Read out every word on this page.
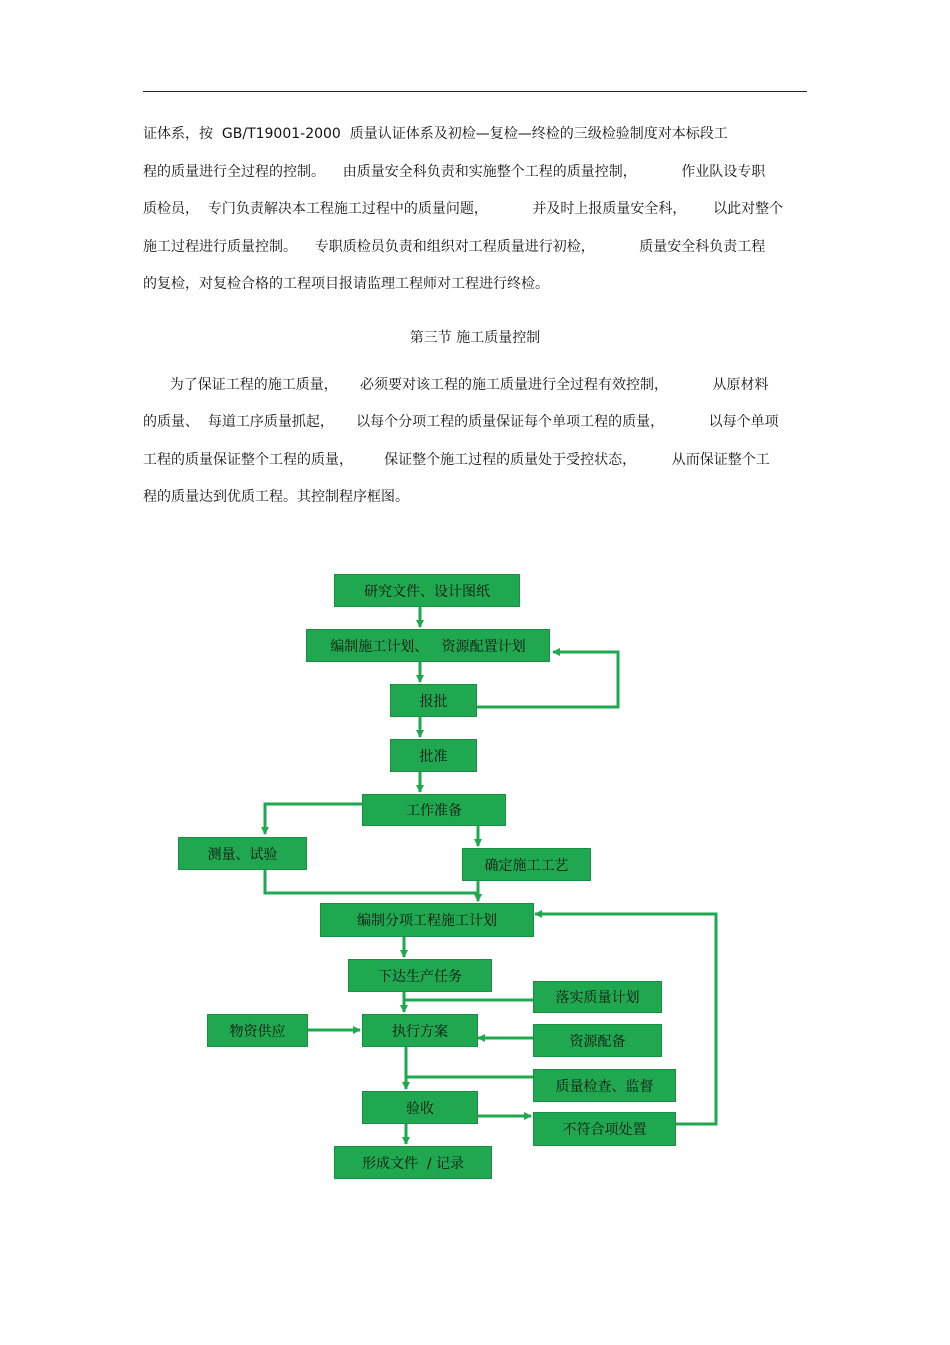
证体系，按  GB/T19001-2000  质量认证体系及初检—复检—终检的三级检验制度对本标段工
程的质量进行全过程的控制。    由质量安全科负责和实施整个工程的质量控制，          作业队设专职
质检员，  专门负责解决本工程施工过程中的质量问题，          并及时上报质量安全科，      以此对整个
施工过程进行质量控制。    专职质检员负责和组织对工程质量进行初检，          质量安全科负责工程
的复检，对复检合格的工程项目报请监理工程师对工程进行终检。
第三节 施工质量控制
为了保证工程的施工质量，     必须要对该工程的施工质量进行全过程有效控制，          从原材料
的质量、  每道工序质量抓起，     以每个分项工程的质量保证每个单项工程的质量，          以每个单项
工程的质量保证整个工程的质量，       保证整个施工过程的质量处于受控状态，        从而保证整个工
程的质量达到优质工程。其控制程序框图。
研究文件、设计图纸
编制施工计划、   资源配置计划
报批
批准
工作准备
测量、试验
确定施工工艺
编制分项工程施工计划
下达生产任务
落实质量计划
物资供应	执行方案
资源配备
质量检查、监督
验收
不符合项处置
形成文件  / 记录
